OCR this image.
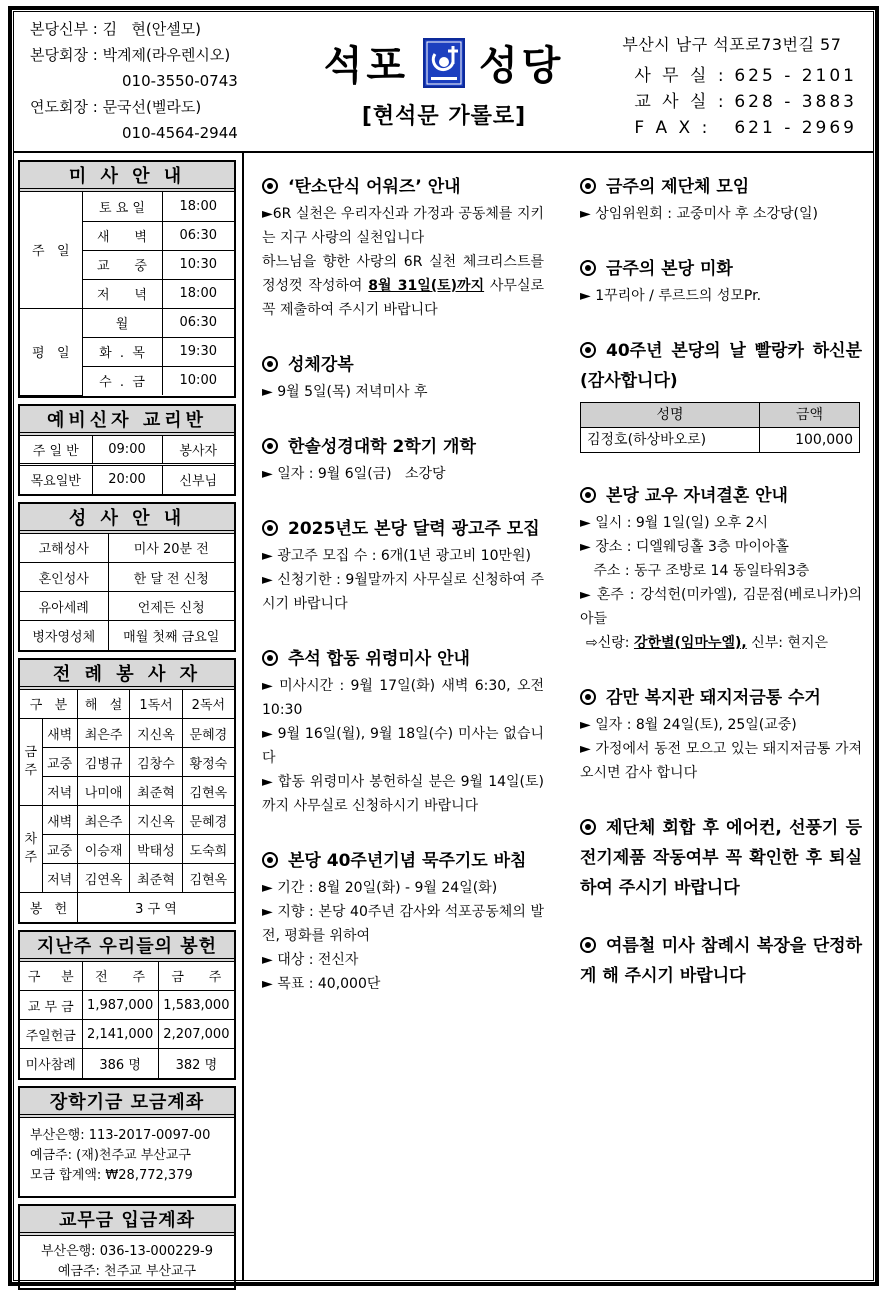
본당신부 : 김   현(안셀모)
본당회장 : 박계제(라우렌시오)
010-3550-0743
연도회장 : 문국선(벨라도)
010-4564-2944
석포 성당
[현석문 가롤로]
부산시 남구 석포로73번길 57
사 무 실 : 625 - 2101
교 사 실 : 628 - 3883
F A X : 621 - 2969
미 사 안 내
주   일	토 요 일	18:00
	새      벽	06:30
	교      중	10:30
	저      녁	18:00
평   일	월	06:30
	화  .  목	19:30
	수  .  금	10:00
예비신자 교리반
주 일 반	09:00	봉사자
목요일반	20:00	신부님
성 사 안 내
고해성사	미사 20분 전
혼인성사	한 달 전 신청
유아세례	언제든 신청
병자영성체	매월 첫째 금요일
전 례 봉 사 자
구   분		해   설	1독서	2독서
금주	새벽	최은주	지신옥	문혜경
	교중	김병규	김창수	황정숙
	저녁	나미애	최준혁	김현옥
차주	새벽	최은주	지신옥	문혜경
	교중	이승재	박태성	도숙희
	저녁	김연옥	최준혁	김현옥
봉   헌		3 구 역		
지난주 우리들의 봉헌
구     분	전      주	금      주
교 무 금	1,987,000	1,583,000
주일헌금	2,141,000	2,207,000
미사참례	386 명	382 명
장학기금 모금계좌
부산은행: 113-2017-0097-00
예금주: (재)천주교 부산교구
모금 합계액: ₩28,772,379
교무금 입금계좌
부산은행: 036-13-000229-9
예금주: 천주교 부산교구
‘탄소단식 어워즈’ 안내
►6R 실천은 우리자신과 가정과 공동체를 지키는 지구 사랑의 실천입니다
하느님을 향한 사랑의 6R 실천 체크리스트를 정성껏 작성하여 8월 31일(토)까지 사무실로 꼭 제출하여 주시기 바랍니다
성체강복
► 9월 5일(목) 저녁미사 후
한솔성경대학 2학기 개학
► 일자 : 9월 6일(금)   소강당
2025년도 본당 달력 광고주 모집
► 광고주 모집 수 : 6개(1년 광고비 10만원)
► 신청기한 : 9월말까지 사무실로 신청하여 주시기 바랍니다
추석 합동 위령미사 안내
► 미사시간 : 9월 17일(화) 새벽 6:30, 오전 10:30
► 9월 16일(월), 9월 18일(수) 미사는 없습니다
► 합동 위령미사 봉헌하실 분은 9월 14일(토)까지 사무실로 신청하시기 바랍니다
본당 40주년기념 묵주기도 바침
► 기간 : 8월 20일(화) - 9월 24일(화)
► 지향 : 본당 40주년 감사와 석포공동체의 발전, 평화를 위하여
► 대상 : 전신자
► 목표 : 40,000단
금주의 제단체 모임
► 상임위원회 : 교중미사 후 소강당(일)
금주의 본당 미화
► 1꾸리아 / 루르드의 성모Pr.
40주년 본당의 날 빨랑카 하신분(감사합니다)
성명	금액
김정호(하상바오로)	100,000
본당 교우 자녀결혼 안내
► 일시 : 9월 1일(일) 오후 2시
► 장소 : 디엘웨딩홀 3층 마이아홀
주소 : 동구 조방로 14 동일타워3층
► 혼주 : 강석헌(미카엘), 김문점(베로니카)의 아들
⇨신랑: 강한별(임마누엘), 신부: 현지은
감만 복지관 돼지저금통 수거
► 일자 : 8월 24일(토), 25일(교중)
► 가정에서 동전 모으고 있는 돼지저금통 가져오시면 감사 합니다
제단체 회합 후 에어컨, 선풍기 등 전기제품 작동여부 꼭 확인한 후 퇴실하여 주시기 바랍니다
여름철 미사 참례시 복장을 단정하게 해 주시기 바랍니다
